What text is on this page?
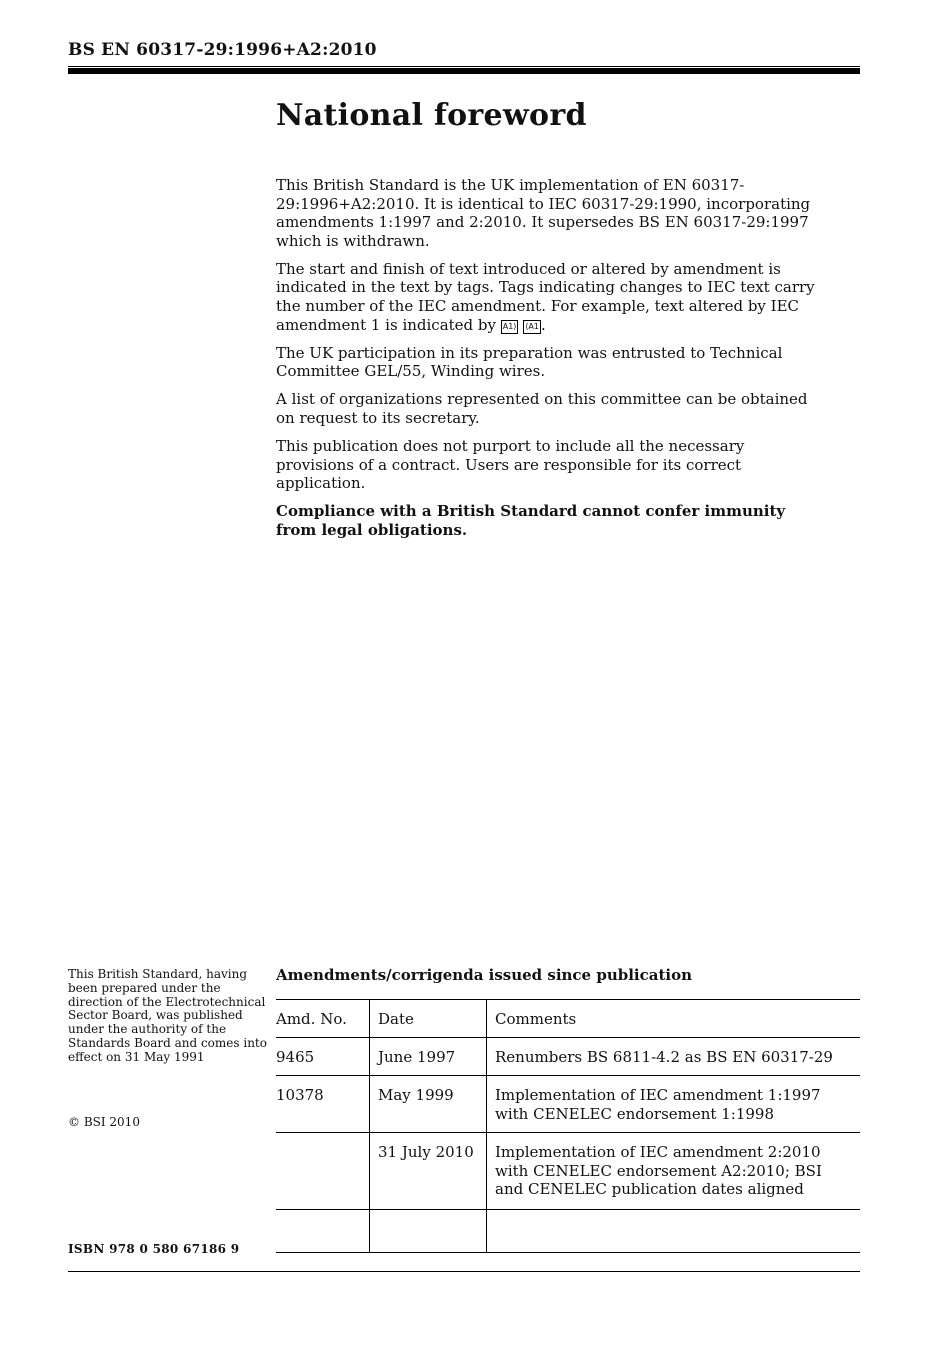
BS EN 60317-29:1996+A2:2010
National foreword

This British Standard is the UK implementation of EN 60317-29:1996+A2:2010. It is identical to IEC 60317-29:1990, incorporating amendments 1:1997 and 2:2010. It supersedes BS EN 60317-29:1997 which is withdrawn.

The start and finish of text introduced or altered by amendment is indicated in the text by tags. Tags indicating changes to IEC text carry the number of the IEC amendment. For example, text altered by IEC amendment 1 is indicated by A1⟩ ⟨A1 .

The UK participation in its preparation was entrusted to Technical Committee GEL/55, Winding wires.

A list of organizations represented on this committee can be obtained on request to its secretary.

This publication does not purport to include all the necessary provisions of a contract. Users are responsible for its correct application.

Compliance with a British Standard cannot confer immunity from legal obligations.

This British Standard, having been prepared under the direction of the Electrotechnical Sector Board, was published under the authority of the Standards Board and comes into effect on 31 May 1991
© BSI 2010
ISBN 978 0 580 67186 9
Amendments/corrigenda issued since publication
Amd. No.	Date	Comments
9465	June 1997	Renumbers BS 6811-4.2 as BS EN 60317-29
10378	May 1999	Implementation of IEC amendment 1:1997 with CENELEC endorsement 1:1998
	31 July 2010	Implementation of IEC amendment 2:2010 with CENELEC endorsement A2:2010; BSI and CENELEC publication dates aligned
